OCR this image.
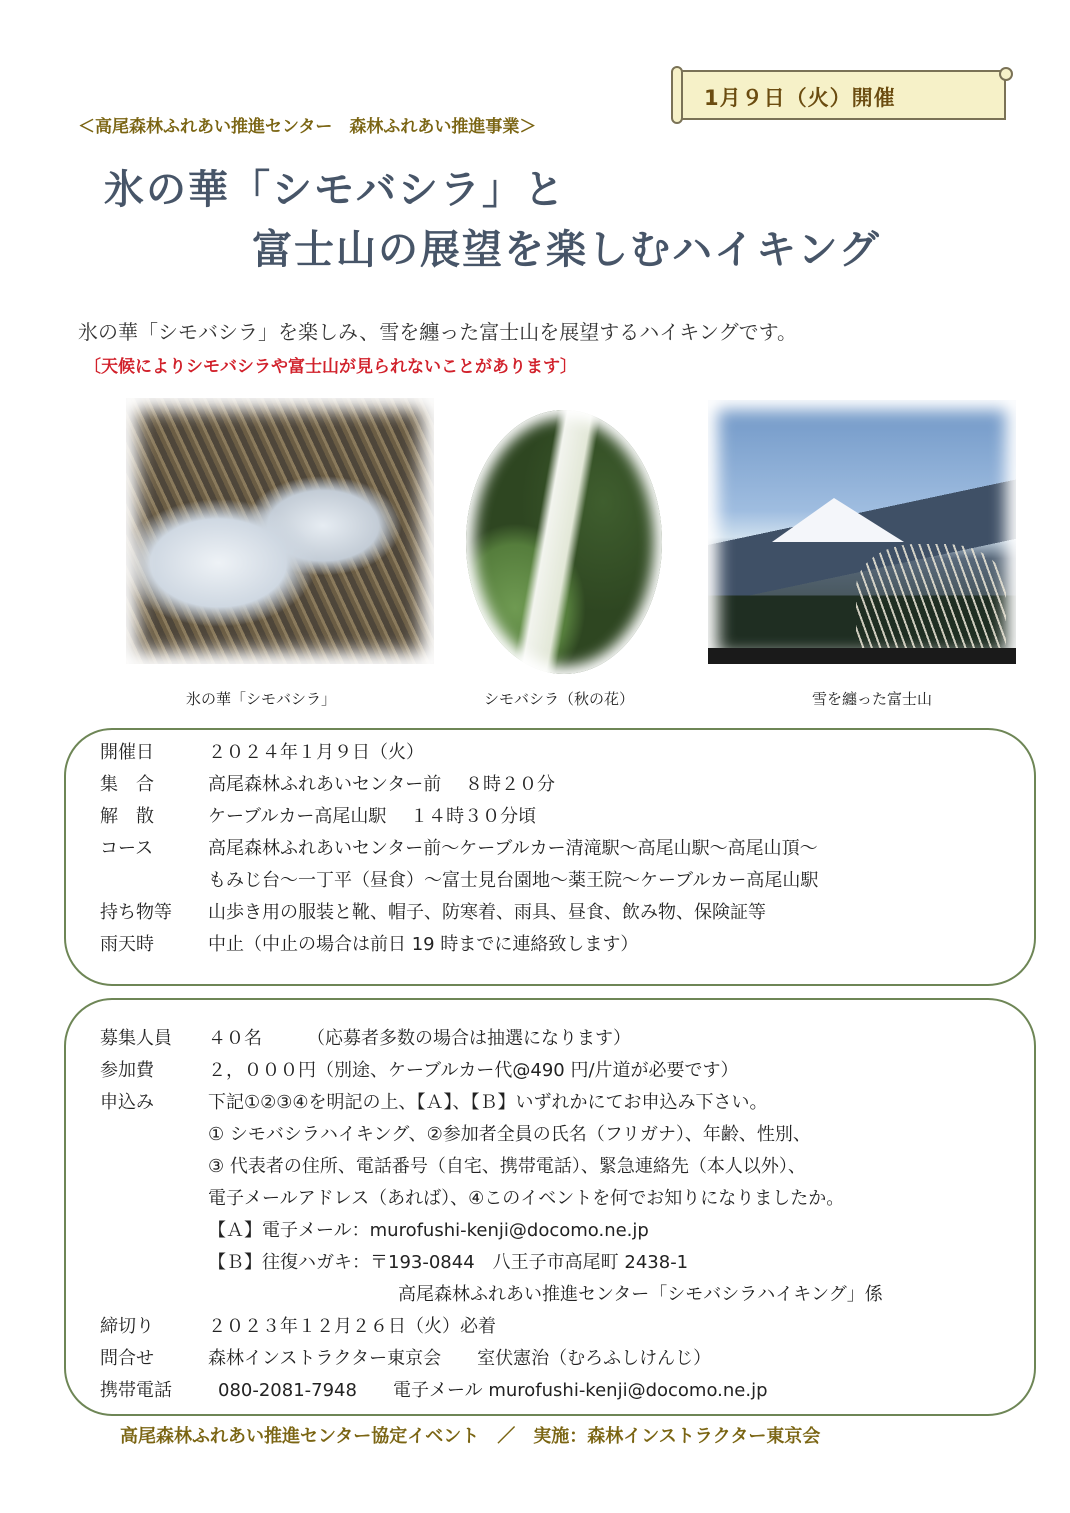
1月９日（火）開催
＜高尾森林ふれあい推進センター　森林ふれあい推進事業＞
氷の華「シモバシラ」と
富士山の展望を楽しむハイキング
氷の華「シモバシラ」を楽しみ、雪を纏った富士山を展望するハイキングです。
〔天候によりシモバシラや富士山が見られないことがあります〕
氷の華「シモバシラ」	シモバシラ（秋の花）	雪を纏った富士山
開催日	２０２４年１月９日（火）
集　合	高尾森林ふれあいセンター前　 ８時２０分
解　散	ケーブルカー高尾山駅　 １４時３０分頃
コース	高尾森林ふれあいセンター前～ケーブルカー清滝駅～高尾山駅～高尾山頂～
もみじ台～一丁平（昼食）～富士見台園地～薬王院～ケーブルカー高尾山駅
持ち物等 山歩き用の服装と靴、帽子、防寒着、雨具、昼食、飲み物、保険証等
雨天時	中止（中止の場合は前日 19 時までに連絡致します）
募集人員 ４０名　　　（応募者多数の場合は抽選になります）
参加費	２，０００円（別途、ケーブルカー代@490 円/片道が必要です）
申込み	下記①②③④を明記の上、【Ａ】、【Ｂ】いずれかにてお申込み下さい。
① シモバシラハイキング、②参加者全員の氏名（フリガナ）、年齢、性別、
③ 代表者の住所、電話番号（自宅、携帯電話）、緊急連絡先（本人以外）、
電子メールアドレス（あれば）、④このイベントを何でお知りになりましたか。
【Ａ】電子メール：murofushi-kenji@docomo.ne.jp
【Ｂ】往復ハガキ：〒193-0844　八王子市高尾町 2438-1
高尾森林ふれあい推進センター「シモバシラハイキング」係
締切り	２０２３年１２月２６日（火）必着
問合せ	森林インストラクター東京会　　室伏憲治（むろふしけんじ）
携帯電話	080-2081-7948　　電子メール murofushi-kenji@docomo.ne.jp
高尾森林ふれあい推進センター協定イベント　／　実施：森林インストラクター東京会
